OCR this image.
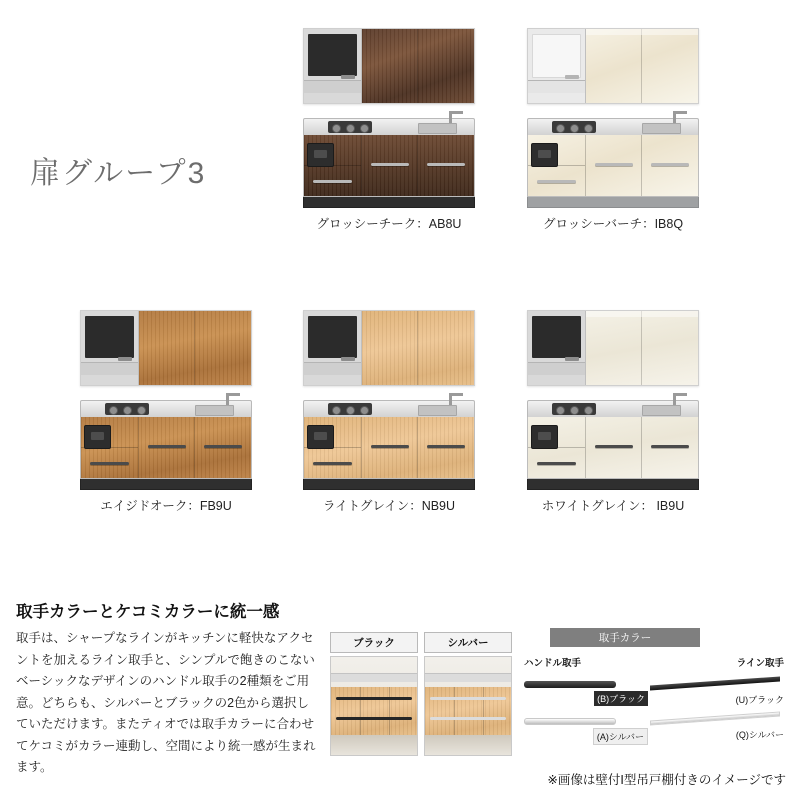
扉グループ3
グロッシーチーク：AB8U	グロッシーバーチ：IB8Q
エイジドオーク：FB9U	ライトグレイン：NB9U	ホワイトグレイン： IB9U
取手カラーとケコミカラーに統一感
取手は、シャープなラインがキッチンに軽快なアクセントを加えるライン取手と、シンプルで飽きのこないベーシックなデザインのハンドル取手の2種類をご用意。どちらも、シルバーとブラックの2色から選択していただけます。またティオでは取手カラーに合わせてケコミがカラー連動し、空間により統一感が生まれます。
ブラック	シルバー	取手カラー
ハンドル取手
(B)ブラック
(A)シルバー
ライン取手
(U)ブラック
(Q)シルバー
※画像は壁付I型吊戸棚付きのイメージです
